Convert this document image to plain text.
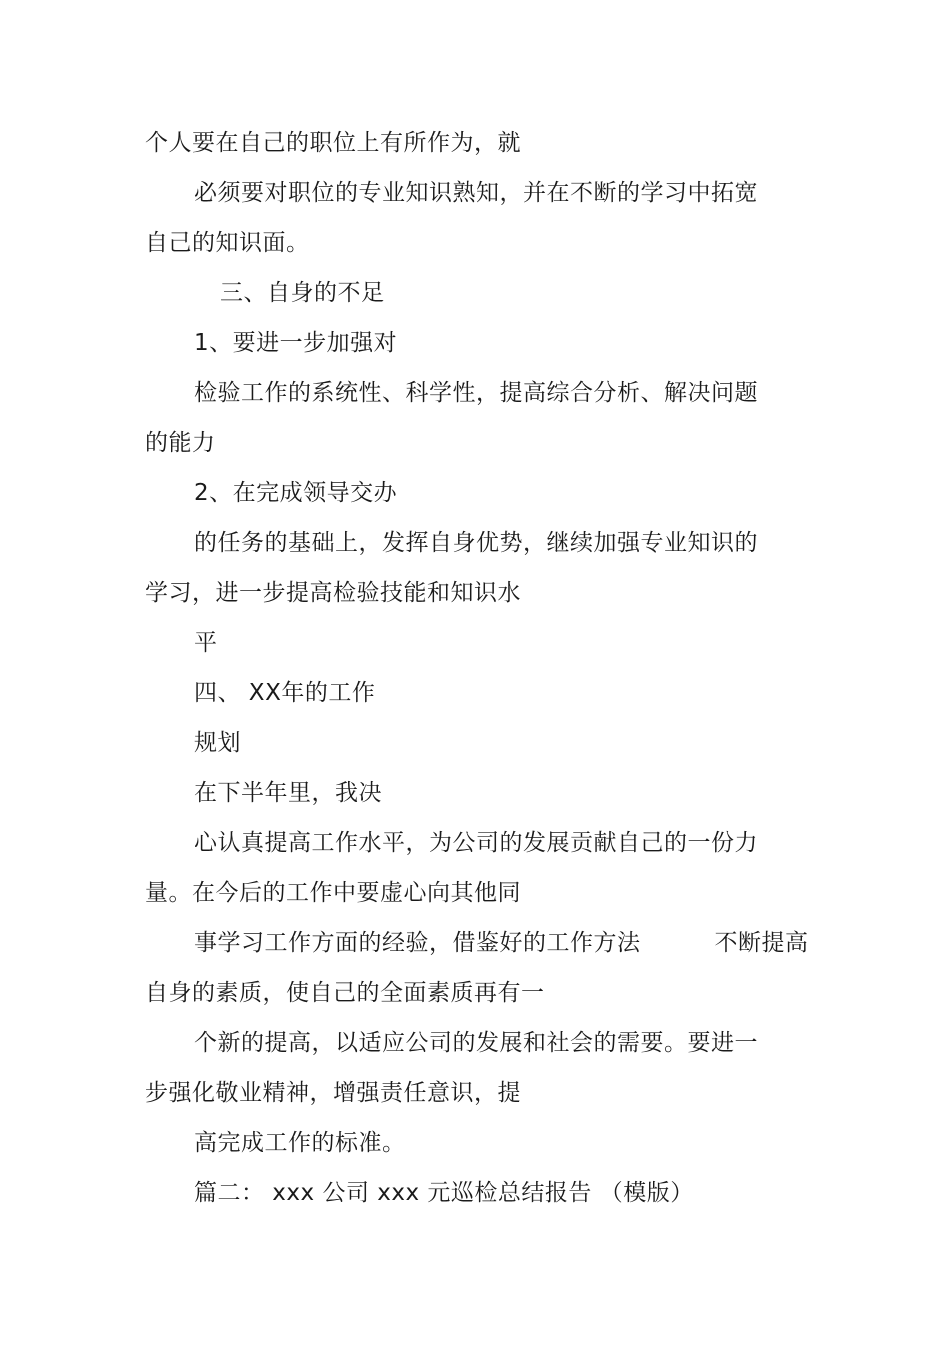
个人要在自己的职位上有所作为，就
必须要对职位的专业知识熟知，并在不断的学习中拓宽
自己的知识面。
三、自身的不足
1、要进一步加强对
检验工作的系统性、科学性，提高综合分析、解决问题
的能力
2、在完成领导交办
的任务的基础上，发挥自身优势，继续加强专业知识的
学习，进一步提高检验技能和知识水
平
四、 XX年的工作
规划
在下半年里，我决
心认真提高工作水平，为公司的发展贡献自己的一份力
量。在今后的工作中要虚心向其他同
事学习工作方面的经验，借鉴好的工作方法	不断提高
自身的素质，使自己的全面素质再有一
个新的提高，以适应公司的发展和社会的需要。要进一
步强化敬业精神，增强责任意识，提
高完成工作的标准。
篇二： xxx 公司 xxx 元巡检总结报告 （模版）
